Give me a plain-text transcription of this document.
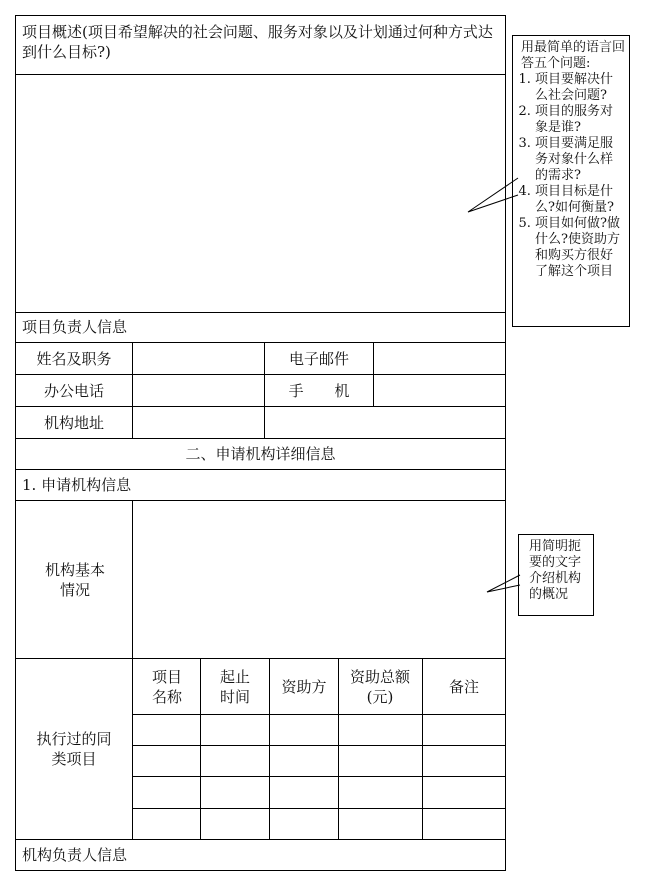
项目概述(项目希望解决的社会问题、服务对象以及计划通过何种方式达到什么目标?)
项目负责人信息
姓名及职务	电子邮件
办公电话	手 机
机构地址
二、申请机构详细信息
1. 申请机构信息
机构基本情况
执行过的同类项目
项目名称
起止时间
资助方
资助总额(元)
备注
机构负责人信息
用最简单的语言回答五个问题:
1. 项目要解决什么社会问题?
2. 项目的服务对象是谁?
3. 项目要满足服务对象什么样的需求?
4. 项目目标是什么?如何衡量?
5. 项目如何做?做什么?使资助方和购买方很好了解这个项目
用简明扼要的文字介绍机构的概况
